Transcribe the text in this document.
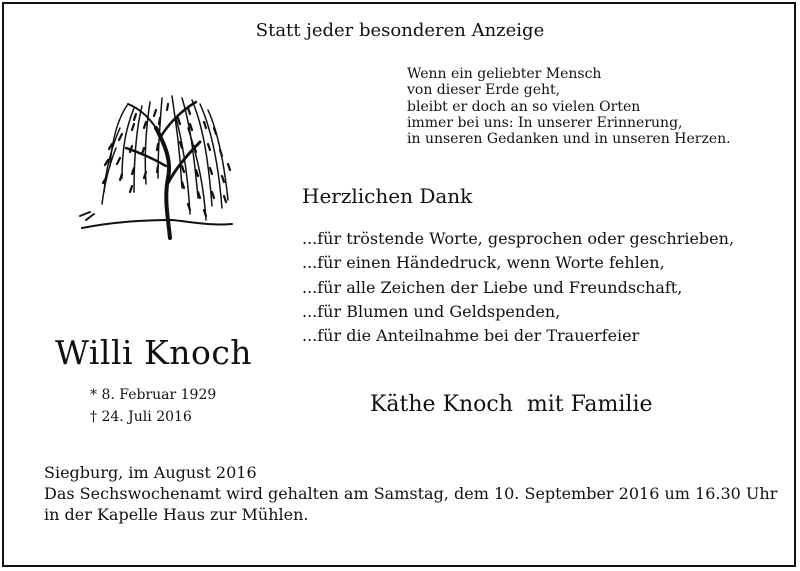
Statt jeder besonderen Anzeige
Wenn ein geliebter Mensch
von dieser Erde geht,
bleibt er doch an so vielen Orten
immer bei uns: In unserer Erinnerung,
in unseren Gedanken und in unseren Herzen.
Herzlichen Dank
...für tröstende Worte, gesprochen oder geschrieben,
...für einen Händedruck, wenn Worte fehlen,
...für alle Zeichen der Liebe und Freundschaft,
...für Blumen und Geldspenden,
...für die Anteilnahme bei der Trauerfeier
Willi Knoch
* 8. Februar 1929
† 24. Juli 2016	Käthe Knoch  mit Familie
Siegburg, im August 2016
Das Sechswochenamt wird gehalten am Samstag, dem 10. September 2016 um 16.30 Uhr
in der Kapelle Haus zur Mühlen.
